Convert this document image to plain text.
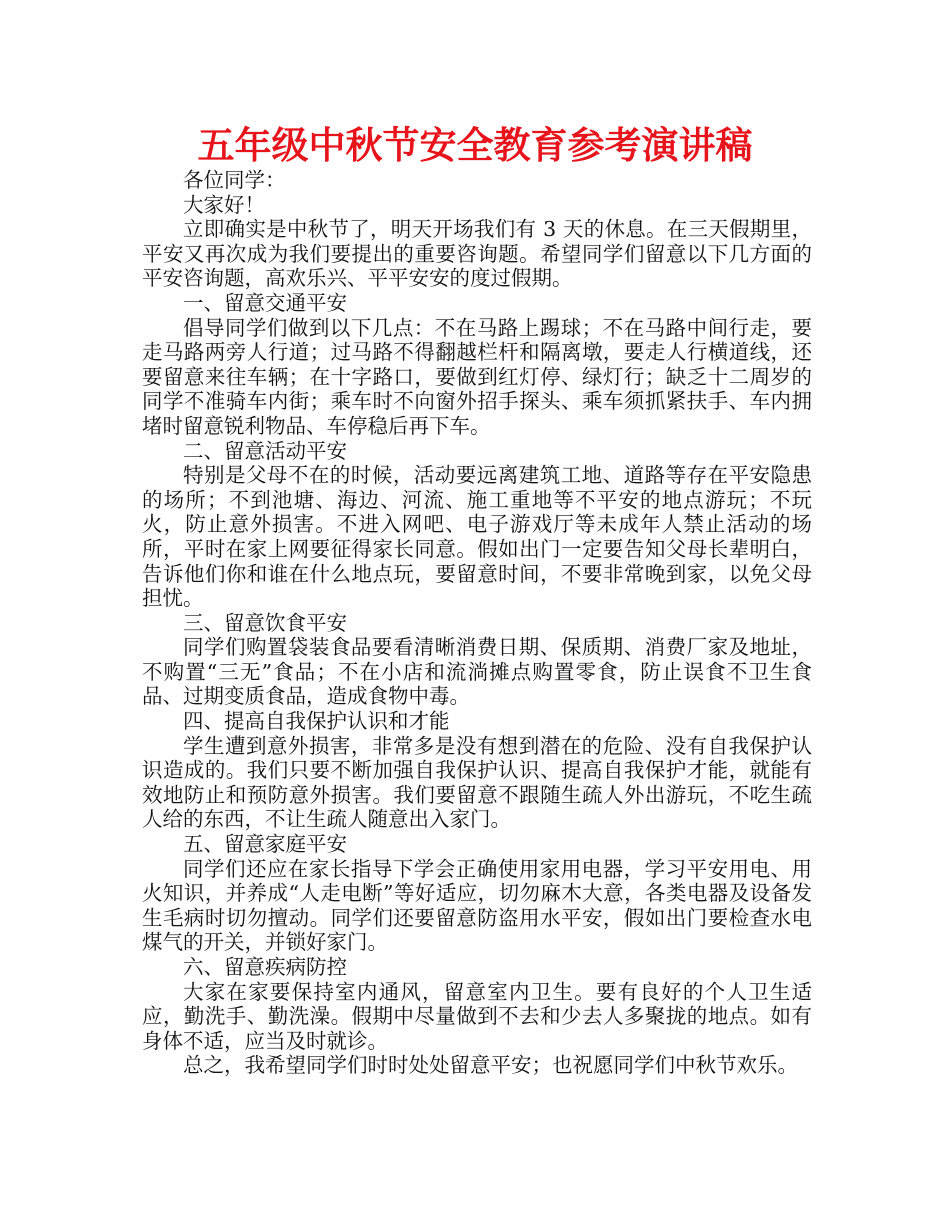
五年级中秋节安全教育参考演讲稿

各位同学：

大家好！

立即确实是中秋节了，明天开场我们有 3 天的休息。在三天假期里，平安又再次成为我们要提出的重要咨询题。希望同学们留意以下几方面的平安咨询题，高欢乐兴、平平安安的度过假期。

一、留意交通平安

倡导同学们做到以下几点：不在马路上踢球；不在马路中间行走，要走马路两旁人行道；过马路不得翻越栏杆和隔离墩，要走人行横道线，还要留意来往车辆；在十字路口，要做到红灯停、绿灯行；缺乏十二周岁的同学不准骑车内街；乘车时不向窗外招手探头、乘车须抓紧扶手、车内拥堵时留意锐利物品、车停稳后再下车。

二、留意活动平安

特别是父母不在的时候，活动要远离建筑工地、道路等存在平安隐患的场所；不到池塘、海边、河流、施工重地等不平安的地点游玩；不玩火，防止意外损害。不进入网吧、电子游戏厅等未成年人禁止活动的场所，平时在家上网要征得家长同意。假如出门一定要告知父母长辈明白，告诉他们你和谁在什么地点玩，要留意时间，不要非常晚到家，以免父母担忧。

三、留意饮食平安

同学们购置袋装食品要看清晰消费日期、保质期、消费厂家及地址，不购置“三无”食品；不在小店和流淌摊点购置零食，防止误食不卫生食品、过期变质食品，造成食物中毒。

四、提高自我保护认识和才能

学生遭到意外损害，非常多是没有想到潜在的危险、没有自我保护认识造成的。我们只要不断加强自我保护认识、提高自我保护才能，就能有效地防止和预防意外损害。我们要留意不跟随生疏人外出游玩，不吃生疏人给的东西，不让生疏人随意出入家门。

五、留意家庭平安

同学们还应在家长指导下学会正确使用家用电器，学习平安用电、用火知识，并养成“人走电断”等好适应，切勿麻木大意，各类电器及设备发生毛病时切勿擅动。同学们还要留意防盗用水平安，假如出门要检查水电煤气的开关，并锁好家门。

六、留意疾病防控

大家在家要保持室内通风，留意室内卫生。要有良好的个人卫生适应，勤洗手、勤洗澡。假期中尽量做到不去和少去人多聚拢的地点。如有身体不适，应当及时就诊。

总之，我希望同学们时时处处留意平安；也祝愿同学们中秋节欢乐。
